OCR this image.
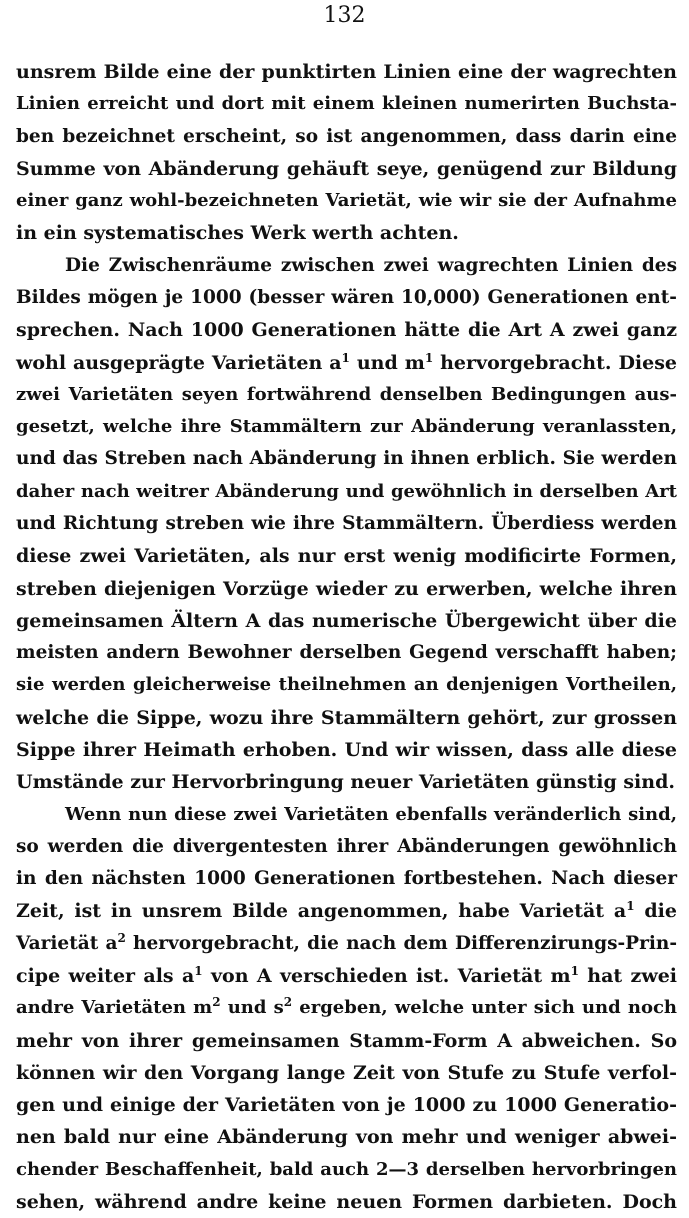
132
unsrem Bilde eine der punktirten Linien eine der wagrechten
Linien erreicht und dort mit einem kleinen numerirten Buchsta-
ben bezeichnet erscheint, so ist angenommen, dass darin eine
Summe von Abänderung gehäuft seye, genügend zur Bildung
einer ganz wohl-bezeichneten Varietät, wie wir sie der Aufnahme
in ein systematisches Werk werth achten.
Die Zwischenräume zwischen zwei wagrechten Linien des
Bildes mögen je 1000 (besser wären 10,000) Generationen ent-
sprechen. Nach 1000 Generationen hätte die Art A zwei ganz
wohl ausgeprägte Varietäten $a^1$ und $m^1$ hervorgebracht. Diese
zwei Varietäten seyen fortwährend denselben Bedingungen aus-
gesetzt, welche ihre Stammältern zur Abänderung veranlassten,
und das Streben nach Abänderung in ihnen erblich. Sie werden
daher nach weitrer Abänderung und gewöhnlich in derselben Art
und Richtung streben wie ihre Stammältern. Überdiess werden
diese zwei Varietäten, als nur erst wenig modificirte Formen,
streben diejenigen Vorzüge wieder zu erwerben, welche ihren
gemeinsamen Ältern A das numerische Übergewicht über die
meisten andern Bewohner derselben Gegend verschafft haben;
sie werden gleicherweise theilnehmen an denjenigen Vortheilen,
welche die Sippe, wozu ihre Stammältern gehört, zur grossen
Sippe ihrer Heimath erhoben. Und wir wissen, dass alle diese
Umstände zur Hervorbringung neuer Varietäten günstig sind.
Wenn nun diese zwei Varietäten ebenfalls veränderlich sind,
so werden die divergentesten ihrer Abänderungen gewöhnlich
in den nächsten 1000 Generationen fortbestehen. Nach dieser
Zeit, ist in unsrem Bilde angenommen, habe Varietät $a^1$ die
Varietät $a^2$ hervorgebracht, die nach dem Differenzirungs-Prin-
cipe weiter als $a^1$ von A verschieden ist. Varietät $m^1$ hat zwei
andre Varietäten $m^2$ und $s^2$ ergeben, welche unter sich und noch
mehr von ihrer gemeinsamen Stamm-Form A abweichen. So
können wir den Vorgang lange Zeit von Stufe zu Stufe verfol-
gen und einige der Varietäten von je 1000 zu 1000 Generatio-
nen bald nur eine Abänderung von mehr und weniger abwei-
chender Beschaffenheit, bald auch 2—3 derselben hervorbringen
sehen, während andre keine neuen Formen darbieten. Doch
